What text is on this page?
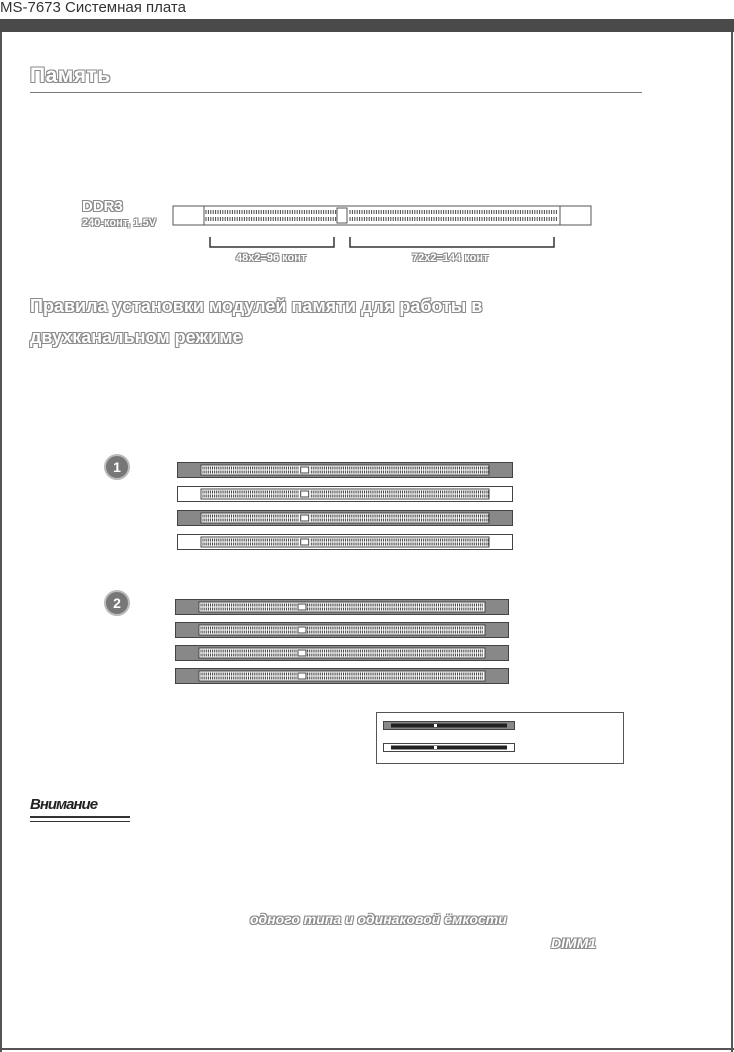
MS-7673 Системная плата
Память
DDR3
240-конт, 1.5V
48x2=96 конт	72x2=144 конт
Правила установки модулей памяти для работы в
двухканальном режиме
1
2
Внимание
одного типа и одинаковой ёмкости
DIMM1
